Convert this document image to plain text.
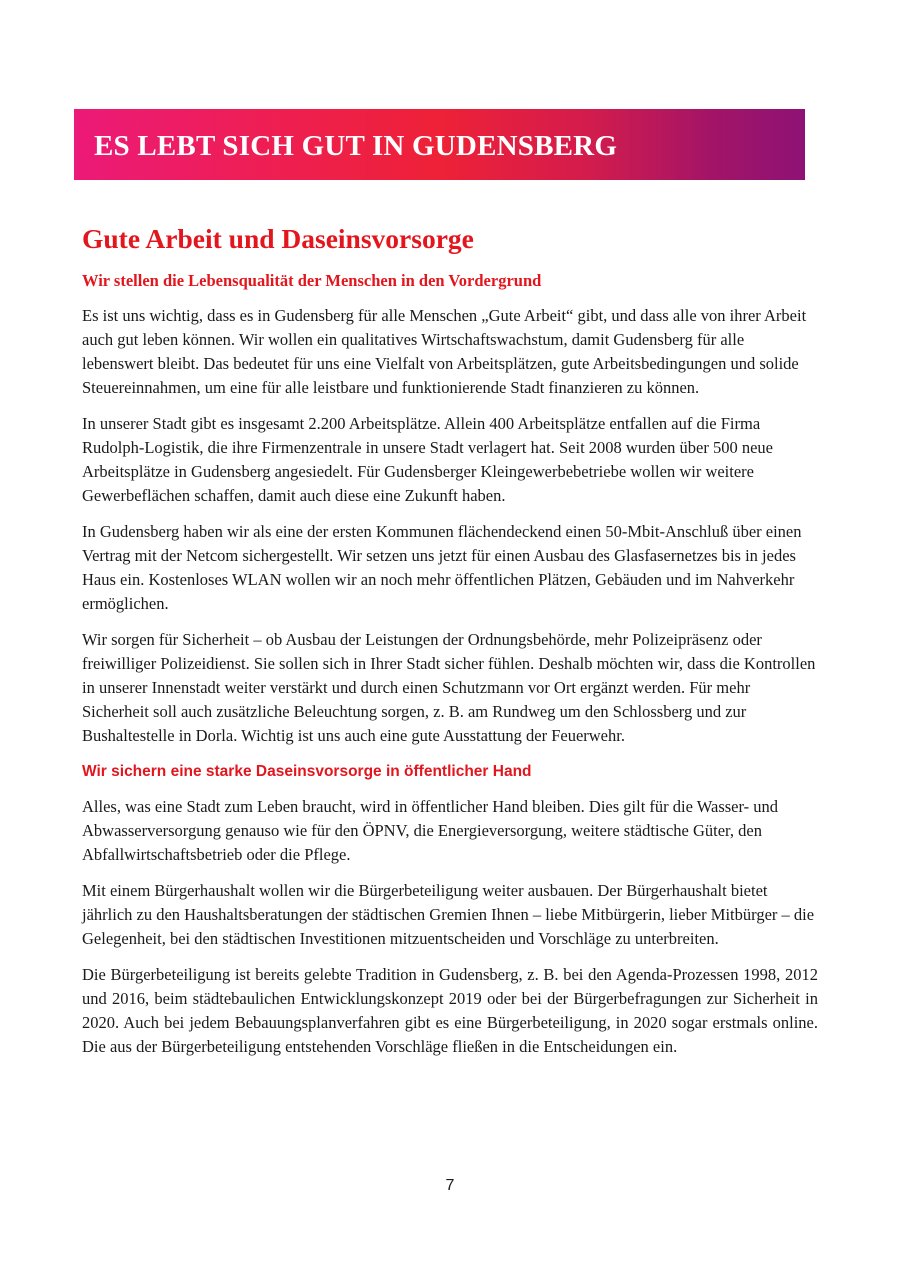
ES LEBT SICH GUT IN GUDENSBERG
Gute Arbeit und Daseinsvorsorge
Wir stellen die Lebensqualität der Menschen in den Vordergrund

Es ist uns wichtig, dass es in Gudensberg für alle Menschen „Gute Arbeit“ gibt, und dass alle von ihrer Arbeit auch gut leben können. Wir wollen ein qualitatives Wirtschaftswachstum, damit Gudensberg für alle lebenswert bleibt. Das bedeutet für uns eine Vielfalt von Arbeitsplätzen, gute Arbeitsbedingungen und solide Steuereinnahmen, um eine für alle leistbare und funktionierende Stadt finanzieren zu können.

In unserer Stadt gibt es insgesamt 2.200 Arbeitsplätze. Allein 400 Arbeitsplätze entfallen auf die Firma Rudolph-Logistik, die ihre Firmenzentrale in unsere Stadt verlagert hat. Seit 2008 wurden über 500 neue Arbeitsplätze in Gudensberg angesiedelt. Für Gudensberger Kleingewerbebetriebe wollen wir weitere Gewerbeflächen schaffen, damit auch diese eine Zukunft haben.

In Gudensberg haben wir als eine der ersten Kommunen flächendeckend einen 50-Mbit-Anschluß über einen Vertrag mit der Netcom sichergestellt. Wir setzen uns jetzt für einen Ausbau des Glasfasernetzes bis in jedes Haus ein. Kostenloses WLAN wollen wir an noch mehr öffentlichen Plätzen, Gebäuden und im Nahverkehr ermöglichen.

Wir sorgen für Sicherheit – ob Ausbau der Leistungen der Ordnungsbehörde, mehr Polizeipräsenz oder freiwilliger Polizeidienst. Sie sollen sich in Ihrer Stadt sicher fühlen. Deshalb möchten wir, dass die Kontrollen in unserer Innenstadt weiter verstärkt und durch einen Schutzmann vor Ort ergänzt werden. Für mehr Sicherheit soll auch zusätzliche Beleuchtung sorgen, z. B. am Rundweg um den Schlossberg und zur Bushaltestelle in Dorla. Wichtig ist uns auch eine gute Ausstattung der Feuerwehr.

Wir sichern eine starke Daseinsvorsorge in öffentlicher Hand

Alles, was eine Stadt zum Leben braucht, wird in öffentlicher Hand bleiben. Dies gilt für die Wasser- und Abwasserversorgung genauso wie für den ÖPNV, die Energieversorgung, weitere städtische Güter, den Abfallwirtschaftsbetrieb oder die Pflege.

Mit einem Bürgerhaushalt wollen wir die Bürgerbeteiligung weiter ausbauen. Der Bürgerhaushalt bietet jährlich zu den Haushaltsberatungen der städtischen Gremien Ihnen – liebe Mitbürgerin, lieber Mitbürger – die Gelegenheit, bei den städtischen Investitionen mitzuentscheiden und Vorschläge zu unterbreiten.

Die Bürgerbeteiligung ist bereits gelebte Tradition in Gudensberg, z. B. bei den Agenda-Prozessen 1998, 2012 und 2016, beim städtebaulichen Entwicklungskonzept 2019 oder bei der Bürgerbefragungen zur Sicherheit in 2020. Auch bei jedem Bebauungsplanverfahren gibt es eine Bürgerbeteiligung, in 2020 sogar erstmals online. Die aus der Bürgerbeteiligung entstehenden Vorschläge fließen in die Entscheidungen ein.

7
